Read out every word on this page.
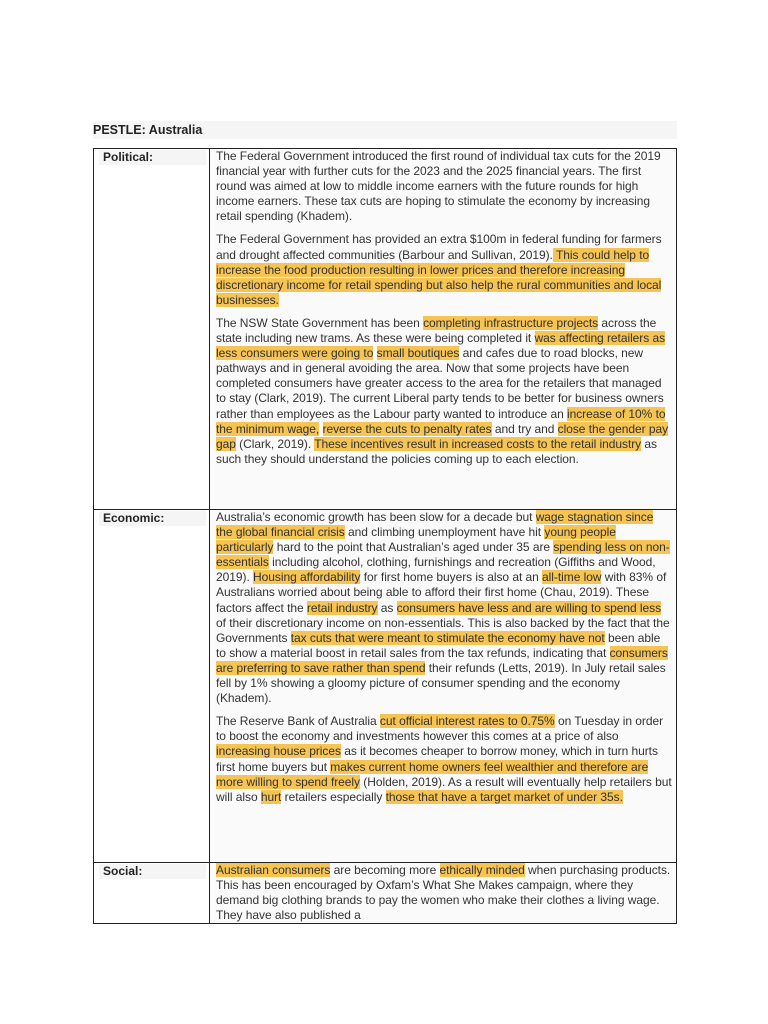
PESTLE: Australia
Political:	The Federal Government introduced the first round of individual tax cuts for the 2019 financial year with further cuts for the 2023 and the 2025 financial years. The first round was aimed at low to middle income earners with the future rounds for high income earners. These tax cuts are hoping to stimulate the economy by increasing retail spending (Khadem).

The Federal Government has provided an extra $100m in federal funding for farmers and drought affected communities (Barbour and Sullivan, 2019). This could help to increase the food production resulting in lower prices and therefore increasing discretionary income for retail spending but also help the rural communities and local businesses.

The NSW State Government has been completing infrastructure projects across the state including new trams. As these were being completed it was affecting retailers as less consumers were going to small boutiques and cafes due to road blocks, new pathways and in general avoiding the area. Now that some projects have been completed consumers have greater access to the area for the retailers that managed to stay (Clark, 2019). The current Liberal party tends to be better for business owners rather than employees as the Labour party wanted to introduce an increase of 10% to the minimum wage, reverse the cuts to penalty rates and try and close the gender pay gap (Clark, 2019). These incentives result in increased costs to the retail industry as such they should understand the policies coming up to each election.

Economic:	Australia’s economic growth has been slow for a decade but wage stagnation since the global financial crisis and climbing unemployment have hit young people particularly hard to the point that Australian’s aged under 35 are spending less on non-essentials including alcohol, clothing, furnishings and recreation (Giffiths and Wood, 2019). Housing affordability for first home buyers is also at an all-time low with 83% of Australians worried about being able to afford their first home (Chau, 2019). These factors affect the retail industry as consumers have less and are willing to spend less of their discretionary income on non-essentials. This is also backed by the fact that the Governments tax cuts that were meant to stimulate the economy have not been able to show a material boost in retail sales from the tax refunds, indicating that consumers are preferring to save rather than spend their refunds (Letts, 2019). In July retail sales fell by 1% showing a gloomy picture of consumer spending and the economy (Khadem).

The Reserve Bank of Australia cut official interest rates to 0.75% on Tuesday in order to boost the economy and investments however this comes at a price of also increasing house prices as it becomes cheaper to borrow money, which in turn hurts first home buyers but makes current home owners feel wealthier and therefore are more willing to spend freely (Holden, 2019). As a result will eventually help retailers but will also hurt retailers especially those that have a target market of under 35s.

Social:	Australian consumers are becoming more ethically minded when purchasing products. This has been encouraged by Oxfam’s What She Makes campaign, where they demand big clothing brands to pay the women who make their clothes a living wage. They have also published a
